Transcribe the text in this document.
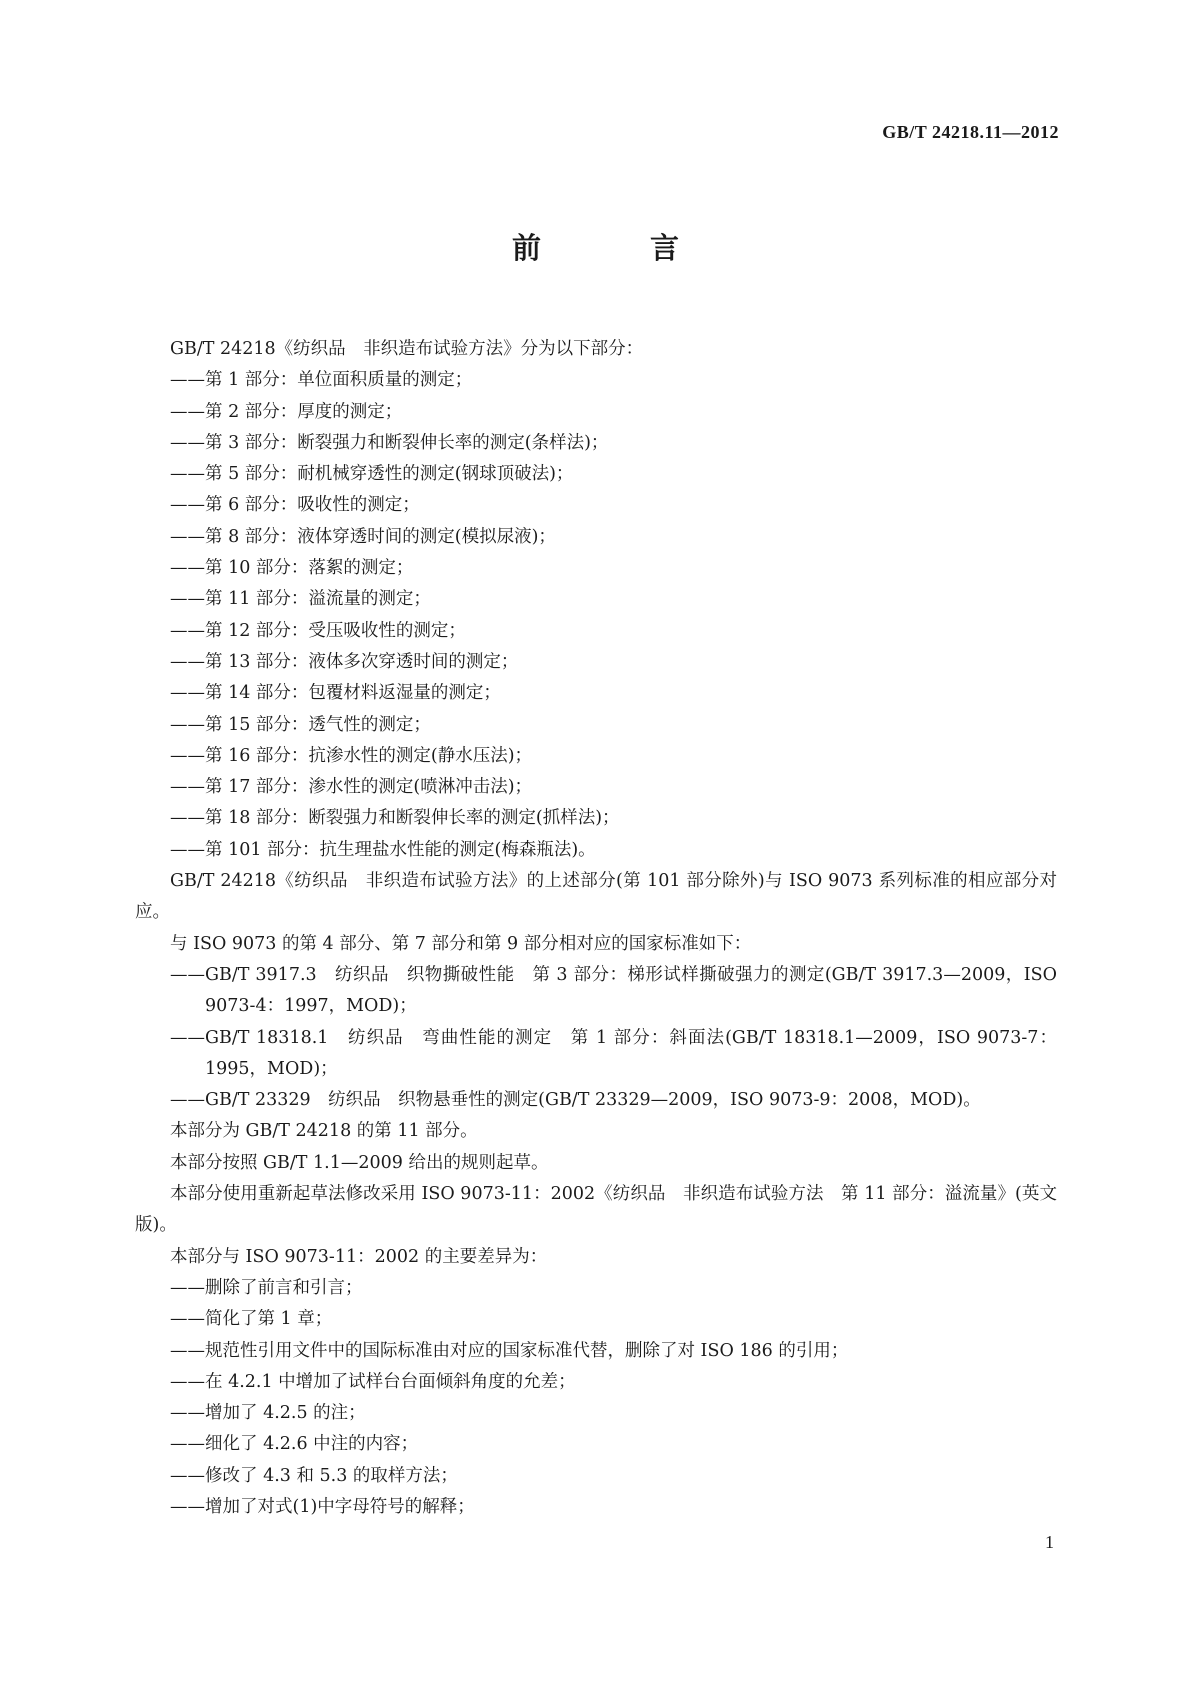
GB/T 24218.11—2012
前　言

GB/T 24218《纺织品　非织造布试验方法》分为以下部分：

——第 1 部分：单位面积质量的测定；

——第 2 部分：厚度的测定；

——第 3 部分：断裂强力和断裂伸长率的测定(条样法)；

——第 5 部分：耐机械穿透性的测定(钢球顶破法)；

——第 6 部分：吸收性的测定；

——第 8 部分：液体穿透时间的测定(模拟尿液)；

——第 10 部分：落絮的测定；

——第 11 部分：溢流量的测定；

——第 12 部分：受压吸收性的测定；

——第 13 部分：液体多次穿透时间的测定；

——第 14 部分：包覆材料返湿量的测定；

——第 15 部分：透气性的测定；

——第 16 部分：抗渗水性的测定(静水压法)；

——第 17 部分：渗水性的测定(喷淋冲击法)；

——第 18 部分：断裂强力和断裂伸长率的测定(抓样法)；

——第 101 部分：抗生理盐水性能的测定(梅森瓶法)。

GB/T 24218《纺织品　非织造布试验方法》的上述部分(第 101 部分除外)与 ISO 9073 系列标准的相应部分对应。

与 ISO 9073 的第 4 部分、第 7 部分和第 9 部分相对应的国家标准如下：

——GB/T 3917.3　纺织品　织物撕破性能　第 3 部分：梯形试样撕破强力的测定(GB/T 3917.3—2009，ISO 9073-4：1997，MOD)；

——GB/T 18318.1　纺织品　弯曲性能的测定　第 1 部分：斜面法(GB/T 18318.1—2009，ISO 9073-7：1995，MOD)；

——GB/T 23329　纺织品　织物悬垂性的测定(GB/T 23329—2009，ISO 9073-9：2008，MOD)。

本部分为 GB/T 24218 的第 11 部分。

本部分按照 GB/T 1.1—2009 给出的规则起草。

本部分使用重新起草法修改采用 ISO 9073-11：2002《纺织品　非织造布试验方法　第 11 部分：溢流量》(英文版)。

本部分与 ISO 9073-11：2002 的主要差异为：

——删除了前言和引言；

——简化了第 1 章；

——规范性引用文件中的国际标准由对应的国家标准代替，删除了对 ISO 186 的引用；

——在 4.2.1 中增加了试样台台面倾斜角度的允差；

——增加了 4.2.5 的注；

——细化了 4.2.6 中注的内容；

——修改了 4.3 和 5.3 的取样方法；

——增加了对式(1)中字母符号的解释；

1
